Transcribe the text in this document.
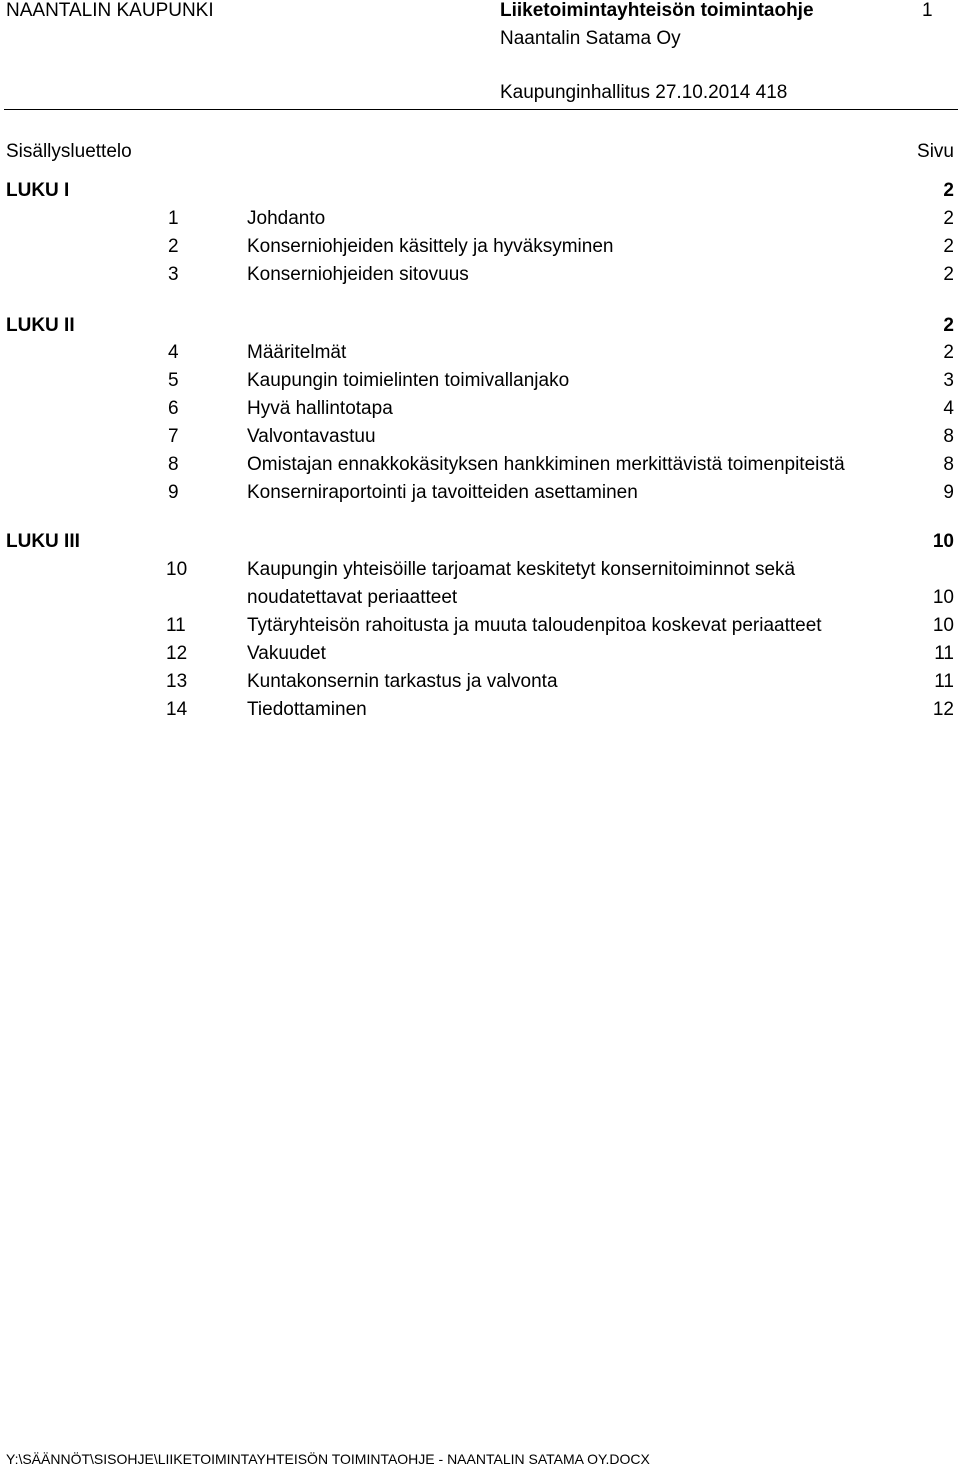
NAANTALIN KAUPUNKI	Liiketoimintayhteisön toimintaohje	1
Naantalin Satama Oy
Kaupunginhallitus 27.10.2014 418
Sisällysluettelo	Sivu
LUKU I	2
1	Johdanto	2
2	Konserniohjeiden käsittely ja hyväksyminen	2
3	Konserniohjeiden sitovuus	2
LUKU II	2
4	Määritelmät	2
5	Kaupungin toimielinten toimivallanjako	3
6	Hyvä hallintotapa	4
7	Valvontavastuu	8
8	Omistajan ennakkokäsityksen hankkiminen merkittävistä toimenpiteistä	8
9	Konserniraportointi ja tavoitteiden asettaminen	9
LUKU III	10
10	Kaupungin yhteisöille tarjoamat keskitetyt konsernitoiminnot sekä
noudatettavat periaatteet	10
11	Tytäryhteisön rahoitusta ja muuta taloudenpitoa koskevat periaatteet	10
12	Vakuudet	11
13	Kuntakonsernin tarkastus ja valvonta	11
14	Tiedottaminen	12
Y:\SÄÄNNÖT\SISOHJE\LIIKETOIMINTAYHTEISÖN TOIMINTAOHJE - NAANTALIN SATAMA OY.DOCX
